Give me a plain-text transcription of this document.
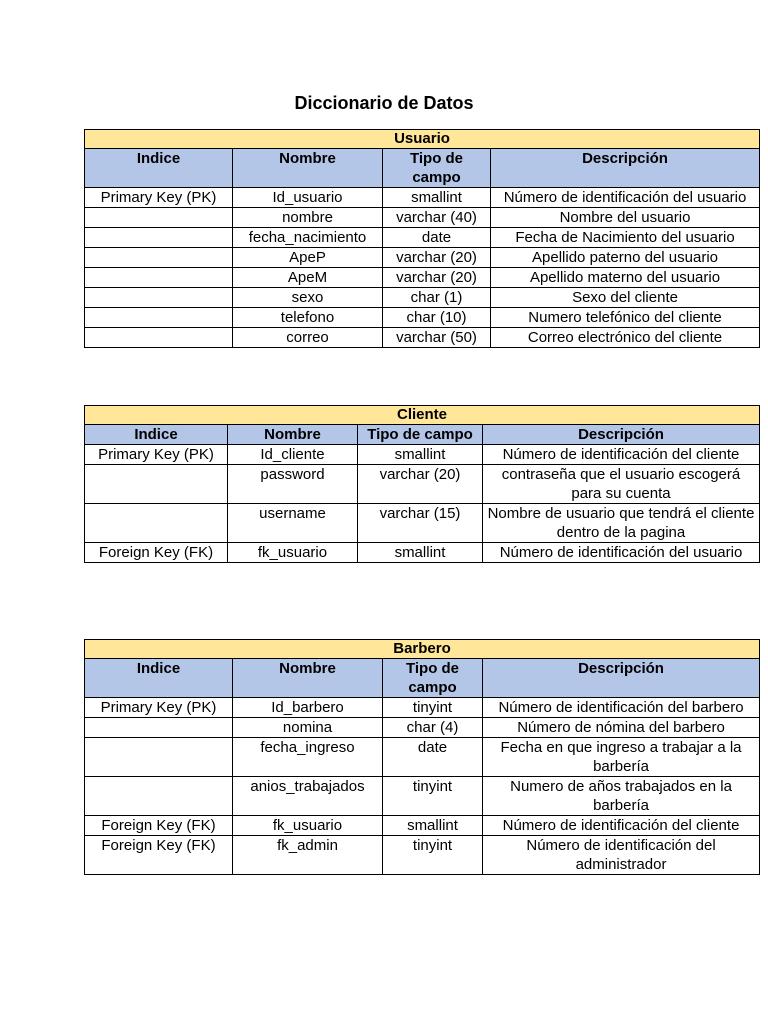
Diccionario de Datos
Usuario			
Indice	Nombre	Tipo de campo	Descripción
Primary Key (PK)	Id_usuario	smallint	Número de identificación del usuario
	nombre	varchar (40)	Nombre del usuario
	fecha_nacimiento	date	Fecha de Nacimiento del usuario
	ApeP	varchar (20)	Apellido paterno del usuario
	ApeM	varchar (20)	Apellido materno del usuario
	sexo	char (1)	Sexo del cliente
	telefono	char (10)	Numero telefónico del cliente
	correo	varchar (50)	Correo electrónico del cliente
Cliente			
Indice	Nombre	Tipo de campo	Descripción
Primary Key (PK)	Id_cliente	smallint	Número de identificación del cliente
	password	varchar (20)	contraseña que el usuario escogerá para su cuenta
	username	varchar (15)	Nombre de usuario que tendrá el cliente dentro de la pagina
Foreign Key (FK)	fk_usuario	smallint	Número de identificación del usuario
Barbero			
Indice	Nombre	Tipo de campo	Descripción
Primary Key (PK)	Id_barbero	tinyint	Número de identificación del barbero
	nomina	char (4)	Número de nómina del barbero
	fecha_ingreso	date	Fecha en que ingreso a trabajar a la barbería
	anios_trabajados	tinyint	Numero de años trabajados en la barbería
Foreign Key (FK)	fk_usuario	smallint	Número de identificación del cliente
Foreign Key (FK)	fk_admin	tinyint	Número de identificación del administrador
